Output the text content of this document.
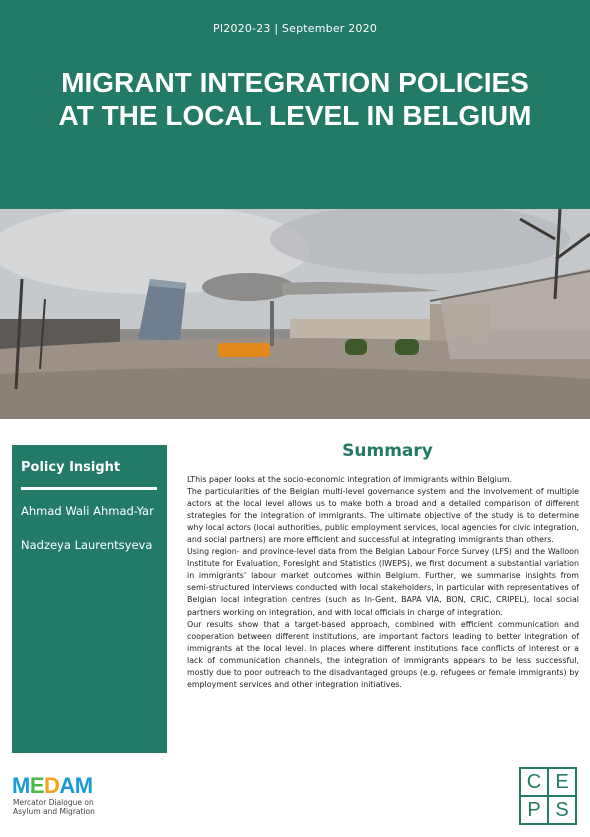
PI2020-23 | September 2020
MIGRANT INTEGRATION POLICIES
AT THE LOCAL LEVEL IN BELGIUM
Policy Insight
Ahmad Wali Ahmad-Yar
Nadzeya Laurentsyeva
Summary

LThis paper looks at the socio-economic integration of immigrants within Belgium.

The particularities of the Belgian multi-level governance system and the involvement of multiple actors at the local level allows us to make both a broad and a detailed comparison of different strategies for the integration of immigrants. The ultimate objective of the study is to determine why local actors (local authorities, public employment services, local agencies for civic integration, and social partners) are more efficient and successful at integrating immigrants than others.

Using region- and province-level data from the Belgian Labour Force Survey (LFS) and the Walloon Institute for Evaluation, Foresight and Statistics (IWEPS), we first document a substantial variation in immigrants’ labour market outcomes within Belgium. Further, we summarise insights from semi-structured interviews conducted with local stakeholders, in particular with representatives of Belgian local integration centres (such as In-Gent, BAPA VIA, BON, CRIC, CRIPEL), local social partners working on integration, and with local officials in charge of integration.

Our results show that a target-based approach, combined with efficient communication and cooperation between different institutions, are important factors leading to better integration of immigrants at the local level. In places where different institutions face conflicts of interest or a lack of communication channels, the integration of immigrants appears to be less successful, mostly due to poor outreach to the disadvantaged groups (e.g. refugees or female immigrants) by employment services and other integration initiatives.

MEDAM
Mercator Dialogue on
Asylum and Migration
C E
P S
